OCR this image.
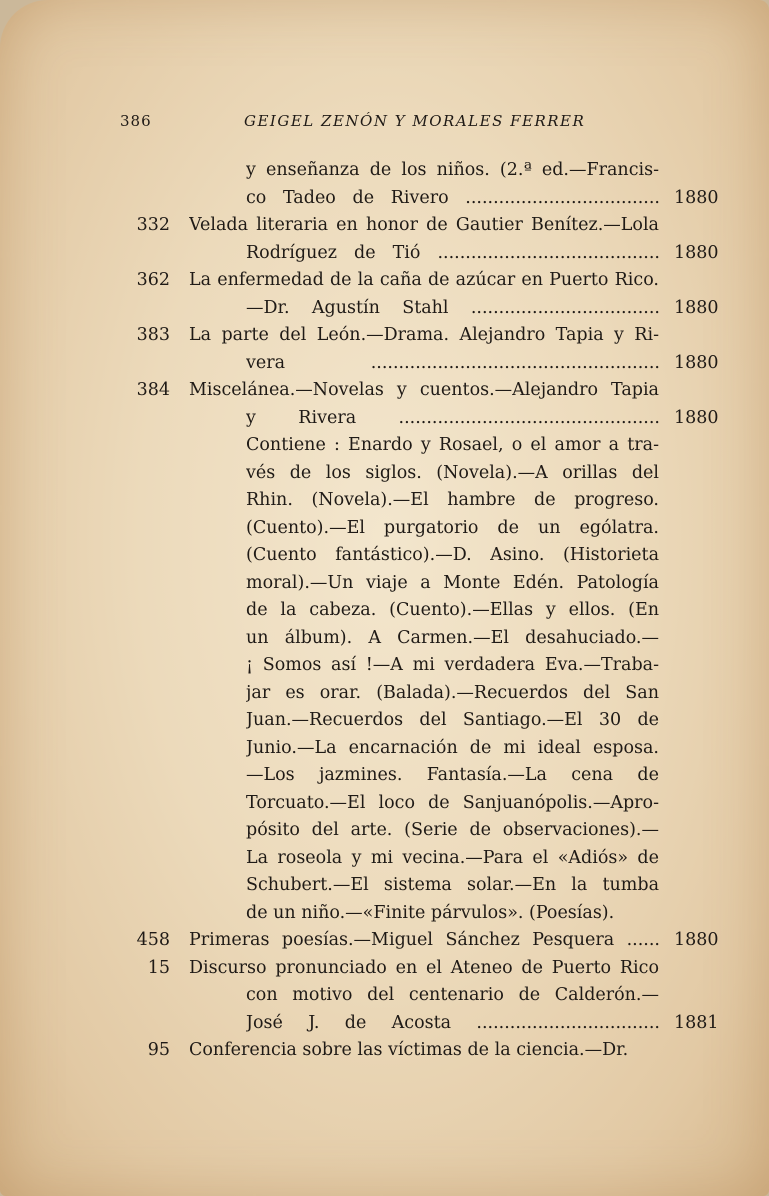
386	GEIGEL ZENÓN Y MORALES FERRER
y enseñanza de los niños. (2.ª ed.—Francis-
co Tadeo de Rivero ................................... 1880
332 Velada literaria en honor de Gautier Benítez.—Lola
Rodríguez de Tió ........................................ 1880
362 La enfermedad de la caña de azúcar en Puerto Rico.
—Dr. Agustín Stahl .................................. 1880
383 La parte del León.—Drama. Alejandro Tapia y Ri-
vera .................................................... 1880
384 Miscelánea.—Novelas y cuentos.—Alejandro Tapia
y Rivera ............................................... 1880
Contiene : Enardo y Rosael, o el amor a tra-
vés de los siglos. (Novela).—A orillas del
Rhin. (Novela).—El hambre de progreso.
(Cuento).—El purgatorio de un ególatra.
(Cuento fantástico).—D. Asino. (Historieta
moral).—Un viaje a Monte Edén. Patología
de la cabeza. (Cuento).—Ellas y ellos. (En
un álbum). A Carmen.—El desahuciado.—
¡ Somos así !—A mi verdadera Eva.—Traba-
jar es orar. (Balada).—Recuerdos del San
Juan.—Recuerdos del Santiago.—El 30 de
Junio.—La encarnación de mi ideal esposa.
—Los jazmines. Fantasía.—La cena de
Torcuato.—El loco de Sanjuanópolis.—Apro-
pósito del arte. (Serie de observaciones).—
La roseola y mi vecina.—Para el «Adiós» de
Schubert.—El sistema solar.—En la tumba
de un niño.—«Finite párvulos». (Poesías).
458 Primeras poesías.—Miguel Sánchez Pesquera ...... 1880
15 Discurso pronunciado en el Ateneo de Puerto Rico
con motivo del centenario de Calderón.—
José J. de Acosta ................................. 1881
95 Conferencia sobre las víctimas de la ciencia.—Dr.
